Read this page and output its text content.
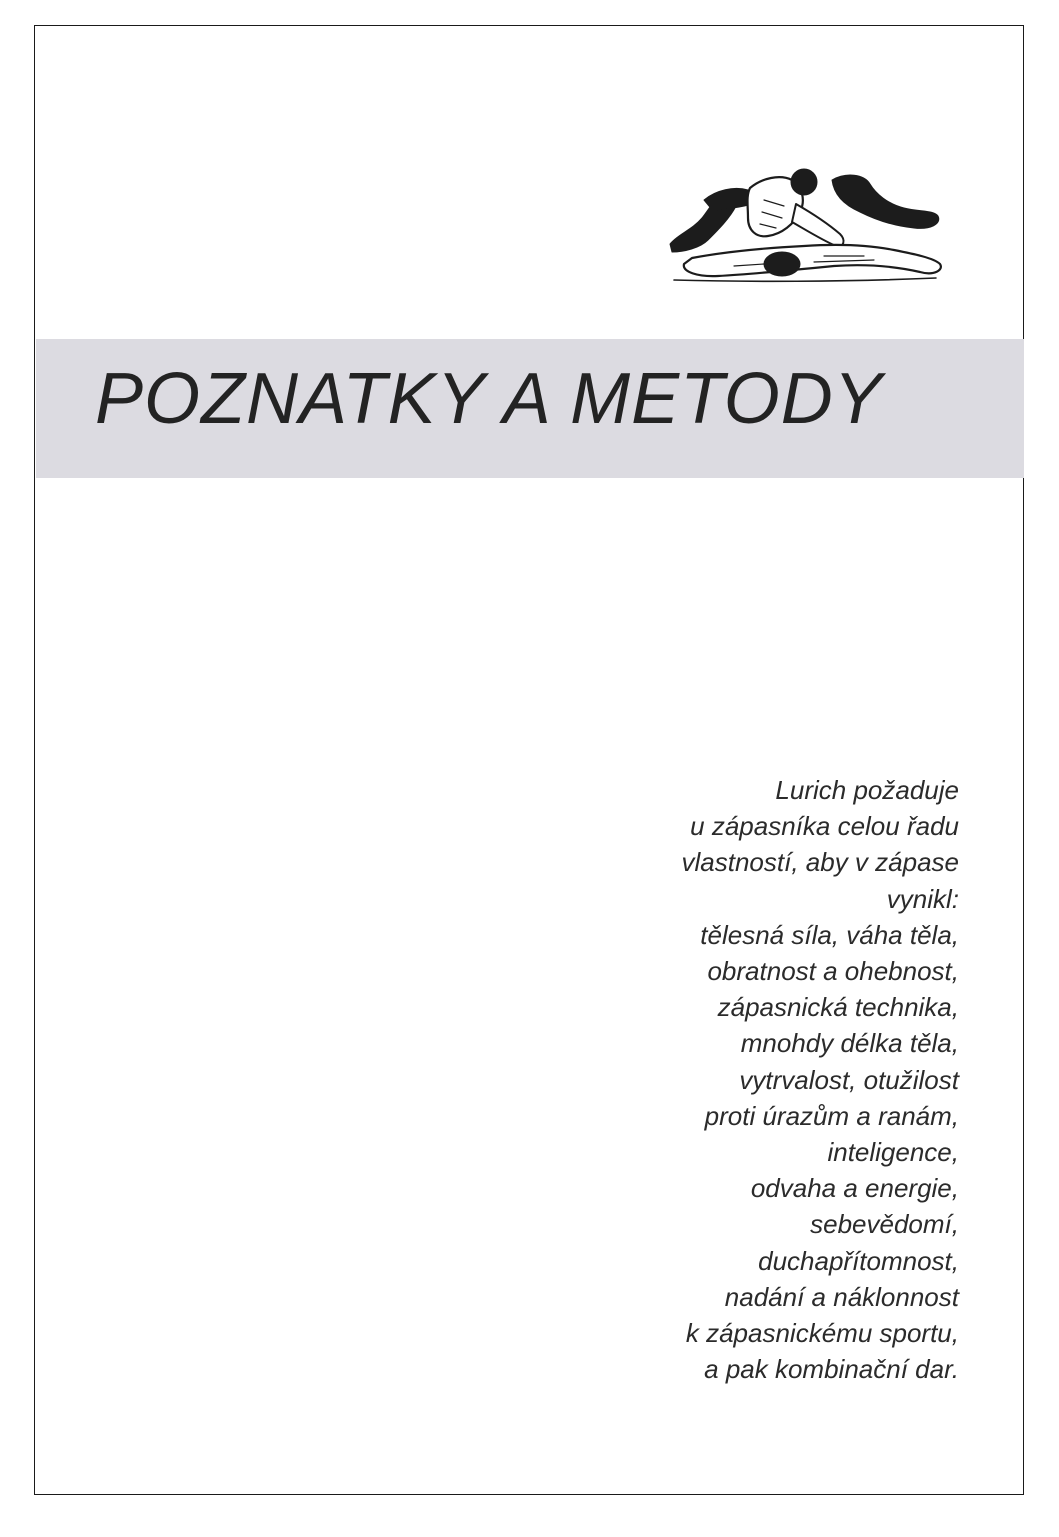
POZNATKY A METODY
Lurich požaduje
u zápasníka celou řadu
vlastností, aby v zápase
vynikl:
tělesná síla, váha těla,
obratnost a ohebnost,
zápasnická technika,
mnohdy délka těla,
vytrvalost, otužilost
proti úrazům a ranám,
inteligence,
odvaha a energie,
sebevědomí,
duchapřítomnost,
nadání a náklonnost
k zápasnickému sportu,
a pak kombinační dar.
